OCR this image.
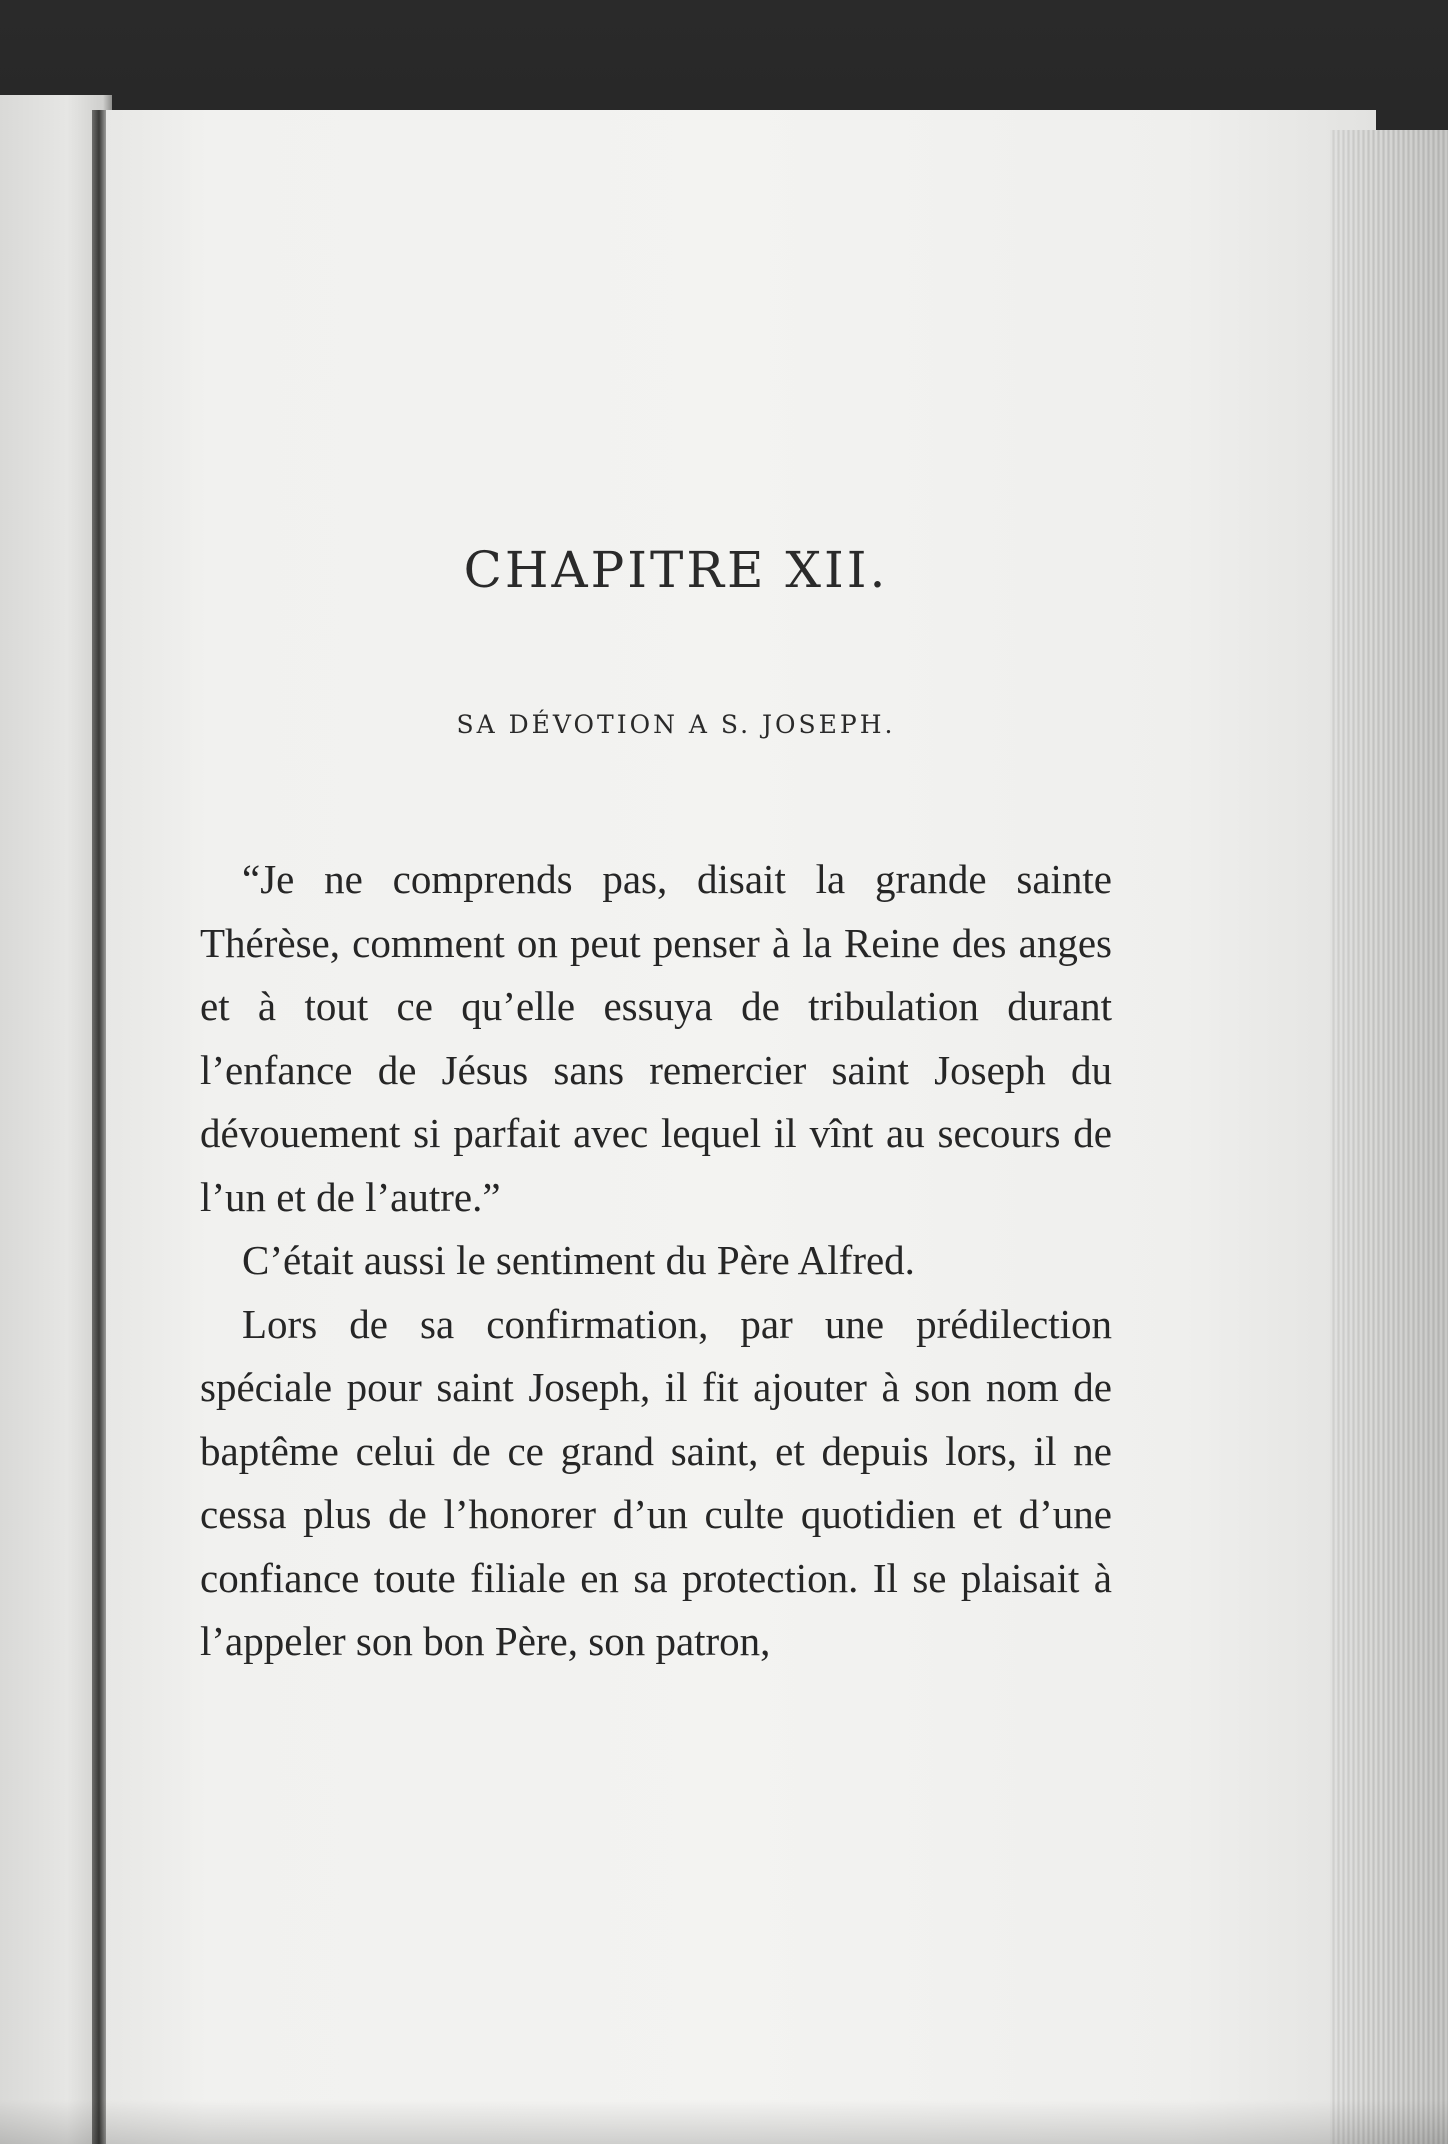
CHAPITRE XII.
SA DÉVOTION A S. JOSEPH.

“Je ne comprends pas, disait la grande sainte Thérèse, comment on peut penser à la Reine des anges et à tout ce qu’elle essuya de tribulation durant l’enfance de Jésus sans remercier saint Joseph du dévouement si parfait avec lequel il vînt au secours de l’un et de l’autre.”

C’était aussi le sentiment du Père Alfred.

Lors de sa confirmation, par une prédilection spéciale pour saint Joseph, il fit ajouter à son nom de baptême celui de ce grand saint, et depuis lors, il ne cessa plus de l’honorer d’un culte quotidien et d’une confiance toute filiale en sa protection. Il se plaisait à l’appeler son bon Père, son patron,
